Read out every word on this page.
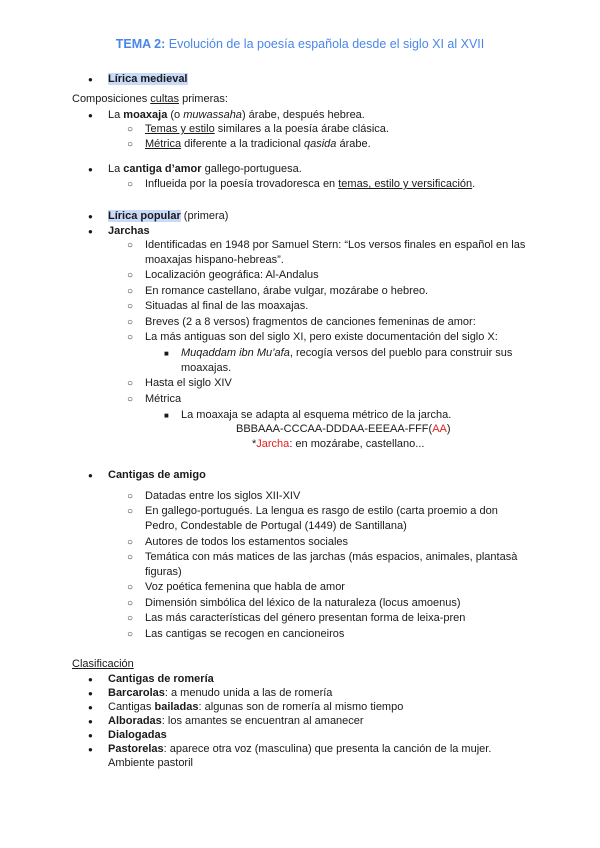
TEMA 2: Evolución de la poesía española desde el siglo XI al XVII
● Lírica medieval
Composiciones cultas primeras:
● La moaxaja (o muwassaha) árabe, después hebrea.
○ Temas y estilo similares a la poesía árabe clásica.
○ Métrica diferente a la tradicional qasida árabe.
● La cantiga d’amor gallego-portuguesa.
○ Influeida por la poesía trovadoresca en temas, estilo y versificación.
● Lírica popular (primera)
● Jarchas
○ Identificadas en 1948 por Samuel Stern: “Los versos finales en español en las
moaxajas hispano-hebreas”.
○ Localización geográfica: Al-Andalus
○ En romance castellano, árabe vulgar, mozárabe o hebreo.
○ Situadas al final de las moaxajas.
○ Breves (2 a 8 versos) fragmentos de canciones femeninas de amor:
○ La más antiguas son del siglo XI, pero existe documentación del siglo X:
■ Muqaddam ibn Mu’afa, recogía versos del pueblo para construir sus
moaxajas.
○ Hasta el siglo XIV
○ Métrica
■ La moaxaja se adapta al esquema métrico de la jarcha.
BBBAAA-CCCAA-DDDAA-EEEAA-FFF(AA)
*Jarcha: en mozárabe, castellano...
● Cantigas de amigo
○ Datadas entre los siglos XII-XIV
○ En gallego-portugués. La lengua es rasgo de estilo (carta proemio a don
Pedro, Condestable de Portugal (1449) de Santillana)
○ Autores de todos los estamentos sociales
○ Temática con más matices de las jarchas (más espacios, animales, plantasà
figuras)
○ Voz poética femenina que habla de amor
○ Dimensión simbólica del léxico de la naturaleza (locus amoenus)
○ Las más características del género presentan forma de leixa-pren
○ Las cantigas se recogen en cancioneiros
Clasificación
● Cantigas de romería
● Barcarolas: a menudo unida a las de romería
● Cantigas bailadas: algunas son de romería al mismo tiempo
● Alboradas: los amantes se encuentran al amanecer
● Dialogadas
● Pastorelas: aparece otra voz (masculina) que presenta la canción de la mujer.
Ambiente pastoril
